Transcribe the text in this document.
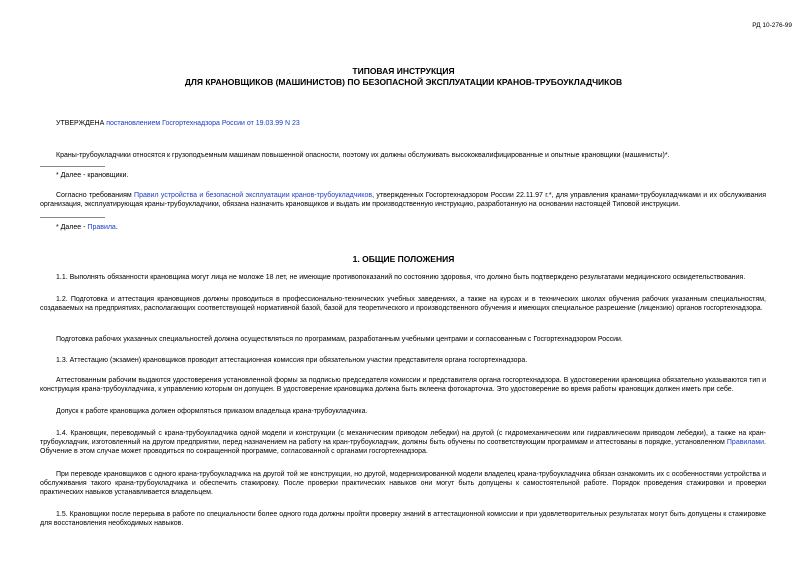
РД 10-276-99
ТИПОВАЯ ИНСТРУКЦИЯ
ДЛЯ КРАНОВЩИКОВ (МАШИНИСТОВ) ПО БЕЗОПАСНОЙ ЭКСПЛУАТАЦИИ КРАНОВ-ТРУБОУКЛАДЧИКОВ
УТВЕРЖДЕНА постановлением Госгортехнадзора России от 19.03.99 N 23
Краны-трубоукладчики относятся к грузоподъемным машинам повышенной опасности, поэтому их должны обслуживать высококвалифицированные и опытные крановщики (машинисты)*.
* Далее - крановщики.
Согласно требованиям Правил устройства и безопасной эксплуатации кранов-трубоукладчиков, утвержденных Госгортехнадзором России 22.11.97 г.*, для управления кранами-трубоукладчиками и их обслуживания организация, эксплуатирующая краны-трубоукладчики, обязана назначить крановщиков и выдать им производственную инструкцию, разработанную на основании настоящей Типовой инструкции.
* Далее - Правила.
1. ОБЩИЕ ПОЛОЖЕНИЯ
1.1. Выполнять обязанности крановщика могут лица не моложе 18 лет, не имеющие противопоказаний по состоянию здоровья, что должно быть подтверждено результатами медицинского освидетельствования.
1.2. Подготовка и аттестация крановщиков должны проводиться в профессионально-технических учебных заведениях, а также на курсах и в технических школах обучения рабочих указанным специальностям, создаваемых на предприятиях, располагающих соответствующей нормативной базой, базой для теоретического и производственного обучения и имеющих специальное разрешение (лицензию) органов госгортехнадзора.
Подготовка рабочих указанных специальностей должна осуществляться по программам, разработанным учебными центрами и согласованным с Госгортехнадзором России.
1.3. Аттестацию (экзамен) крановщиков проводит аттестационная комиссия при обязательном участии представителя органа госгортехнадзора.
Аттестованным рабочим выдаются удостоверения установленной формы за подписью председателя комиссии и представителя органа госгортехнадзора. В удостоверении крановщика обязательно указываются тип и конструкция крана-трубоукладчика, к управлению которым он допущен. В удостоверение крановщика должна быть вклеена фотокарточка. Это удостоверение во время работы крановщик должен иметь при себе.
Допуск к работе крановщика должен оформляться приказом владельца крана-трубоукладчика.
1.4. Крановщик, переводимый с крана-трубоукладчика одной модели и конструкции (с механическим приводом лебедки) на другой (с гидромеханическим или гидравлическим приводом лебедки), а также на кран-трубоукладчик, изготовленный на другом предприятии, перед назначением на работу на кран-трубоукладчик, должны быть обучены по соответствующим программам и аттестованы в порядке, установленном Правилами. Обучение в этом случае может проводиться по сокращенной программе, согласованной с органами госгортехнадзора.
При переводе крановщиков с одного крана-трубоукладчика на другой той же конструкции, но другой, модернизированной модели владелец крана-трубоукладчика обязан ознакомить их с особенностями устройства и обслуживания такого крана-трубоукладчика и обеспечить стажировку. После проверки практических навыков они могут быть допущены к самостоятельной работе. Порядок проведения стажировки и проверки практических навыков устанавливается владельцем.
1.5. Крановщики после перерыва в работе по специальности более одного года должны пройти проверку знаний в аттестационной комиссии и при удовлетворительных результатах могут быть допущены к стажировке для восстановления необходимых навыков.
